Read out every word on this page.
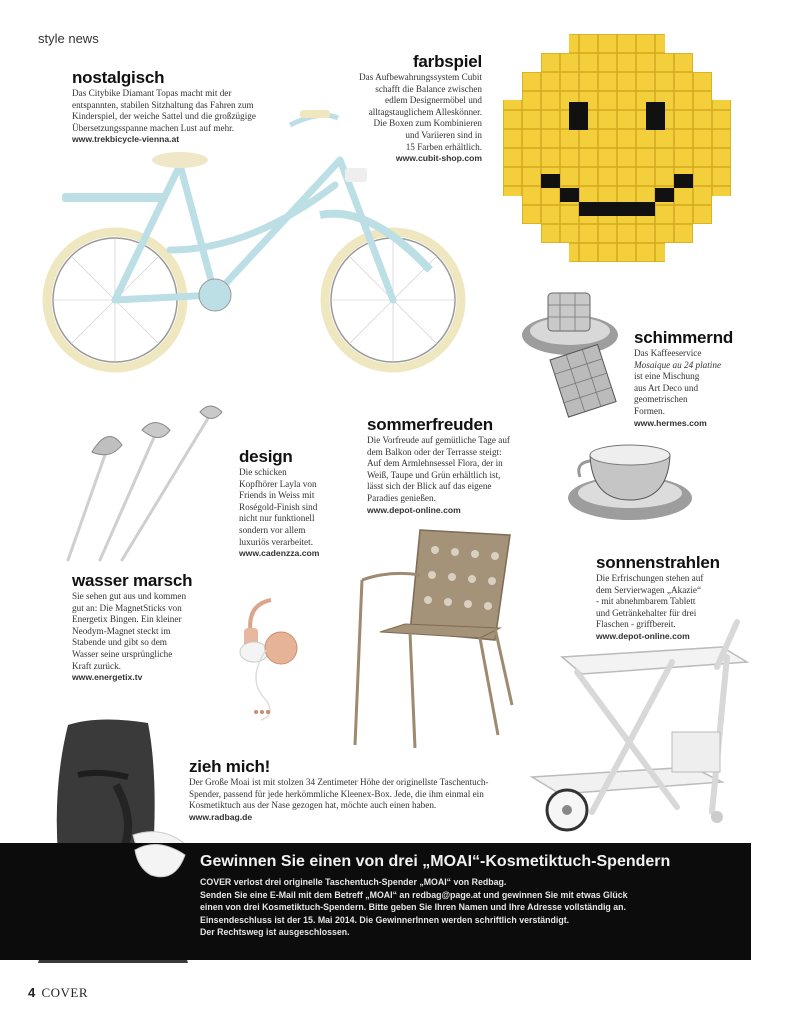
style news
4 COVER
nostalgisch
Das Citybike Diamant Topas macht mit der
entspannten, stabilen Sitzhaltung das Fahren zum
Kinderspiel, der weiche Sattel und die großzügige
Übersetzungsspanne machen Lust auf mehr.
www.trekbicycle-vienna.at
farbspiel
Das Aufbewahrungssystem Cubit
schafft die Balance zwischen
edlem Designermöbel und
alltagstauglichem Alleskönner.
Die Boxen zum Kombinieren
und Variieren sind in
15 Farben erhältlich.
www.cubit-shop.com
schimmernd
Das Kaffeeservice
Mosaique au 24 platine
ist eine Mischung
aus Art Deco und
geometrischen
Formen.
www.hermes.com
design
Die schicken
Kopfhörer Layla von
Friends in Weiss mit
Roségold-Finish sind
nicht nur funktionell
sondern vor allem
luxuriös verarbeitet.
www.cadenzza.com
sommerfreuden
Die Vorfreude auf gemütliche Tage auf
dem Balkon oder der Terrasse steigt:
Auf dem Armlehnsessel Flora, der in
Weiß, Taupe und Grün erhältlich ist,
lässt sich der Blick auf das eigene
Paradies genießen.
www.depot-online.com
wasser marsch
Sie sehen gut aus und kommen
gut an: Die MagnetSticks von
Energetix Bingen. Ein kleiner
Neodym-Magnet steckt im
Stabende und gibt so dem
Wasser seine ursprüngliche
Kraft zurück.
www.energetix.tv
sonnenstrahlen
Die Erfrischungen stehen auf
dem Servierwagen „Akazie“
- mit abnehmbarem Tablett
und Getränkehalter für drei
Flaschen - griffbereit.
www.depot-online.com
zieh mich!
Der Große Moai ist mit stolzen 34 Zentimeter Höhe der originellste Taschentuch-
Spender, passend für jede herkömmliche Kleenex-Box. Jede, die ihm einmal ein
Kosmetiktuch aus der Nase gezogen hat, möchte auch einen haben.
www.radbag.de
Gewinnen Sie einen von drei „MOAI“-Kosmetiktuch-Spendern
COVER verlost drei originelle Taschentuch-Spender „MOAI“ von Redbag.
Senden Sie eine E-Mail mit dem Betreff „MOAI“ an redbag@page.at und gewinnen Sie mit etwas Glück
einen von drei Kosmetiktuch-Spendern. Bitte geben Sie Ihren Namen und Ihre Adresse vollständig an.
Einsendeschluss ist der 15. Mai 2014. Die GewinnerInnen werden schriftlich verständigt.
Der Rechtsweg ist ausgeschlossen.
